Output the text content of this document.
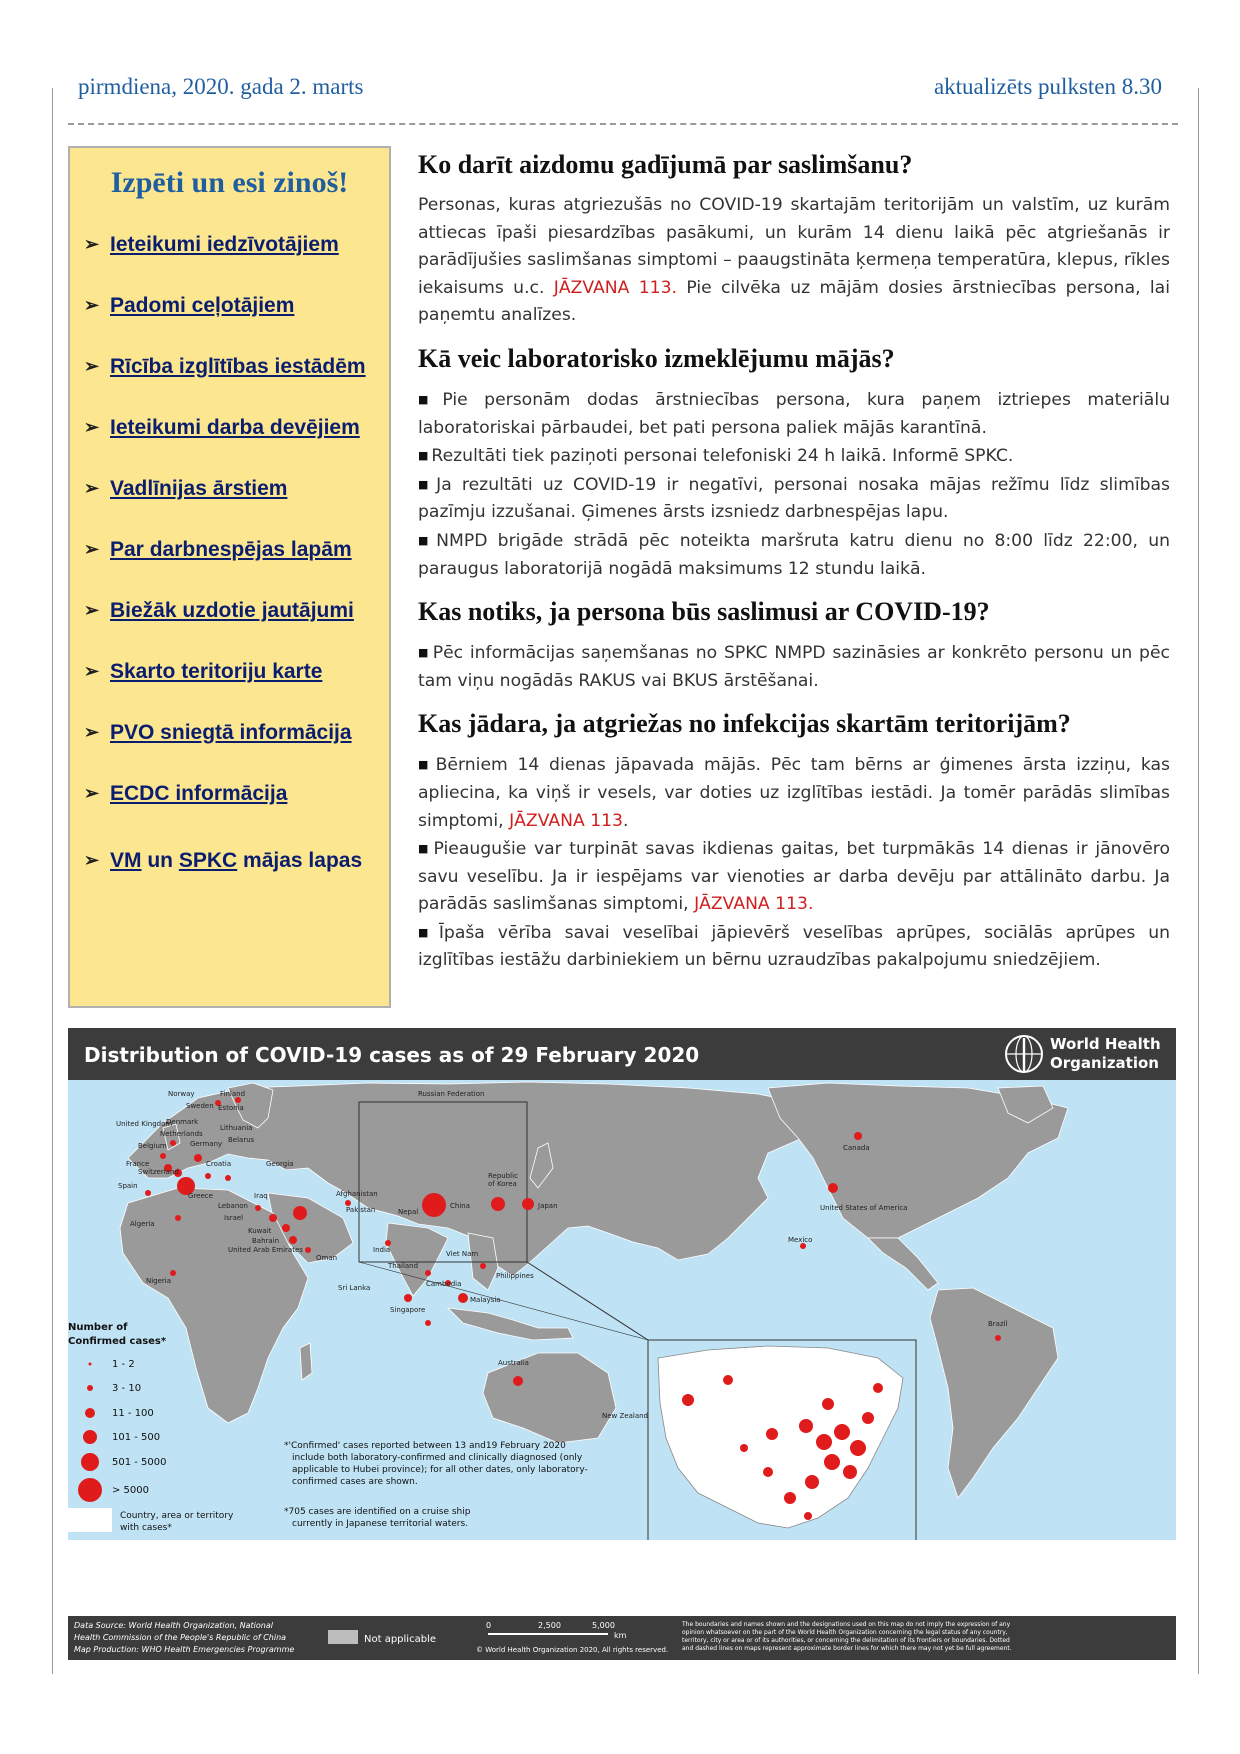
pirmdiena, 2020. gada 2. marts	aktualizēts pulksten 8.30
Izpēti un esi zinoš!
➢ Ieteikumi iedzīvotājiem
➢ Padomi ceļotājiem
➢ Rīcība izglītības iestādēm
➢ Ieteikumi darba devējiem
➢ Vadlīnijas ārstiem
➢ Par darbnespējas lapām
➢ Biežāk uzdotie jautājumi
➢ Skarto teritoriju karte
➢ PVO sniegtā informācija
➢ ECDC informācija
➢ VM
un
SPKC
mājas lapas
Ko darīt aizdomu gadījumā par saslimšanu?

Personas, kuras atgriezušās no COVID-19 skartajām teritorijām un valstīm, uz kurām attiecas īpaši piesardzības pasākumi, un kurām 14 dienu laikā pēc atgriešanās ir parādījušies saslimšanas simptomi – paaugstināta ķermeņa temperatūra, klepus, rīkles iekaisums u.c. JĀZVANA 113. Pie cilvēka uz mājām dosies ārstniecības persona, lai paņemtu analīzes.

Kā veic laboratorisko izmeklējumu mājās?

■ Pie personām dodas ārstniecības persona, kura paņem iztriepes materiālu laboratoriskai pārbaudei, bet pati persona paliek mājās karantīnā.

■ Rezultāti tiek paziņoti personai telefoniski 24 h laikā. Informē SPKC.

■ Ja rezultāti uz COVID-19 ir negatīvi, personai nosaka mājas režīmu līdz slimības pazīmju izzušanai. Ģimenes ārsts izsniedz darbnespējas lapu.

■ NMPD brigāde strādā pēc noteikta maršruta katru dienu no 8:00 līdz 22:00, un paraugus laboratorijā nogādā maksimums 12 stundu laikā.

Kas notiks, ja persona būs saslimusi ar COVID-19?

■ Pēc informācijas saņemšanas no SPKC NMPD sazināsies ar konkrēto personu un pēc tam viņu nogādās RAKUS vai BKUS ārstēšanai.

Kas jādara, ja atgriežas no infekcijas skartām teritorijām?

■ Bērniem 14 dienas jāpavada mājās. Pēc tam bērns ar ģimenes ārsta izziņu, kas apliecina, ka viņš ir vesels, var doties uz izglītības iestādi. Ja tomēr parādās slimības simptomi, JĀZVANA 113.

■ Pieaugušie var turpināt savas ikdienas gaitas, bet turpmākās 14 dienas ir jānovēro savu veselību. Ja ir iespējams var vienoties ar darba devēju par attālināto darbu. Ja parādās saslimšanas simptomi, JĀZVANA 113.

■ Īpaša vērība savai veselībai jāpievērš veselības aprūpes, sociālās aprūpes un izglītības iestāžu darbiniekiem un bērnu uzraudzības pakalpojumu sniedzējiem.

Distribution of COVID-19 cases as of 29 February 2020	World Health
Organization
Norway	Finland
Sweden Estonia
United Kingdom
Denmark
Netherlands
Lithuania
Belgium	Germany Belarus
France
Switzerland
Croatia	Georgia
Spain
Greece
Algeria
Lebanon
Israel
Iraq
Kuwait
Bahrain
United Arab Emirates
Oman
Nigeria
Russian Federation
Afghanistan
Pakistan	Nepal
India
China
Republic
of Korea
Japan
Thailand
Viet Nam
Cambodia
Philippines
Sri Lanka
Malaysia
Singapore
Australia
New Zealand
Canada
United States of America
Mexico
Brazil
Number of
Confirmed cases*
1 - 2
3 - 10
11 - 100
101 - 500
501 - 5000
> 5000
Country, area or territory
with cases*
*'Confirmed' cases reported between 13 and19 February 2020
include both laboratory-confirmed and clinically diagnosed (only
applicable to Hubei province); for all other dates, only laboratory-
confirmed cases are shown.
*705 cases are identified on a cruise ship
currently in Japanese territorial waters.
Data Source: World Health Organization, National
Health Commission of the People's Republic of China
Map Production: WHO Health Emergencies Programme
Not applicable
0	2,500	5,000
km
© World Health Organization 2020, All rights reserved.
The boundaries and names shown and the designations used on this map do not imply the expression of any
opinion whatsoever on the part of the World Health Organization concerning the legal status of any country,
territory, city or area or of its authorities, or concerning the delimitation of its frontiers or boundaries. Dotted
and dashed lines on maps represent approximate border lines for which there may not yet be full agreement.
